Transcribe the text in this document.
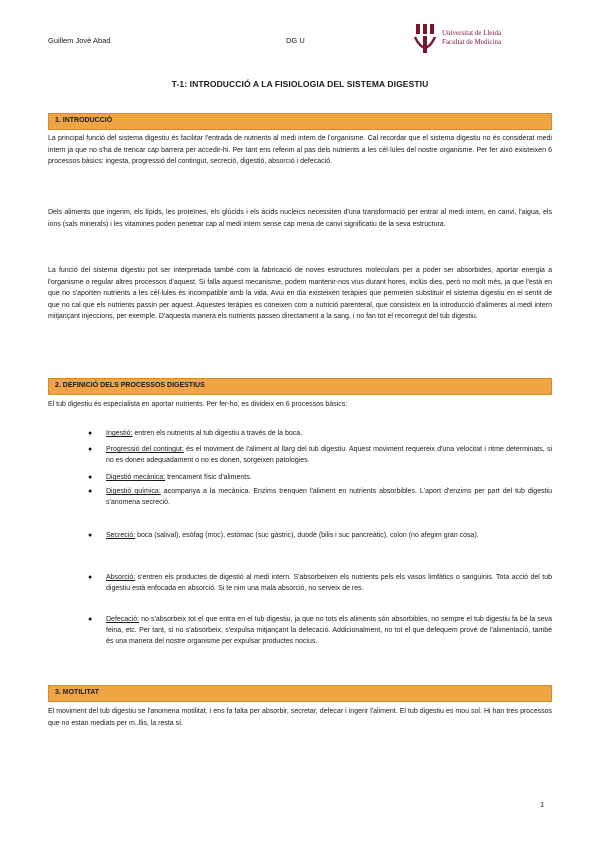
Guillem Jové Abad	DG U
Universitat de Lleida
Facultat de Medicina
T-1: INTRODUCCIÓ A LA FISIOLOGIA DEL SISTEMA DIGESTIU
1. INTRODUCCIÓ

La principal funció del sistema digestiu és facilitar l'entrada de nutrients al medi intern de l'organisme. Cal recordar que el sistema digestiu no és considerat medi intern ja que no s'ha de trencar cap barrera per accedir-hi. Per tant ens referim al pas dels nutrients a les cèl·lules del nostre organisme. Per fer això existeixen 6 processos bàsics: ingesta, progressió del contingut, secreció, digestió, absorció i defecació.

Dels aliments que ingerim, els lípids, les proteïnes, els glúcids i els àcids nucleics necessiten d'una transformació per entrar al medi intern, en canvi, l'aigua, els ions (sals minerals) i les vitamines poden penetrar cap al medi intern sense cap mena de canvi significatiu de la seva estructura.

La funció del sistema digestiu pot ser interpretada també com la fabricació de noves estructures moleculars per a poder ser absorbides, aportar energia a l'organisme o regular altres processos d'aquest. Si falla aquest mecanisme, podem mantenir-nos vius durant hores, inclús dies, però no molt més, ja que l'està en que no s'aporten nutrients a les cèl·lules és incompatible amb la vida. Avui en dia existeixen teràpies que permeten substituir el sistema digestiu en el sentit de que no cal que els nutrients passin per aquest. Aquestes teràpies es coneixen com a nutrició parenteral, que consisteix en la introducció d'aliments al medi intern mitjançant injeccions, per exemple. D'aquesta manera els nutrients passen directament a la sang, i no fan tot el recorregut del tub digestiu.

2. DEFINICIÓ DELS PROCESSOS DIGESTIUS

El tub digestiu és especialista en aportar nutrients. Per fer-ho, es divideix en 6 processos bàsics:

● Ingestió: entren els nutrients al tub digestiu a través de la boca.
● Progressió del contingut: és el moviment de l'aliment al llarg del tub digestiu. Aquest moviment requereix d'una velocitat i ritme determinats, si no es donen adequadament o no es donen, sorgeixen patologies.
● Digestió mecànica: trencament físic d'aliments.
● Digestió química: acompanya a la mecànica. Enzims trenquen l'aliment en nutrients absorbibles. L'aport d'enzims per part del tub digestiu s'anomena secreció.
● Secreció: boca (salival), esòfag (moc), estómac (suc gàstric), duodè (bilis i suc pancreàtic), colon (no afegim gran cosa).
● Absorció: s'entren els productes de digestió al medi intern. S'absorbeixen els nutrients pels els vasos limfàtics o sanguinis. Tota acció del tub digestiu està enfocada en absorció. Si te nim una mala absorció, no serveix de res.
● Defecació: no s'absorbeix tot el que entra en el tub digestiu, ja que no tots els aliments són absorbibles, no sempre el tub digestiu fa bé la seva feina, etc. Per tant, si no s'absorbeix, s'expulsa mitjançant la defecació. Addicionalment, no tot el que defequem prové de l'alimentació, també és una manera del nostre organisme per expulsar productes nocius.
3. MOTILITAT

El moviment del tub digestiu se l'anomena motilitat, i ens fa falta per absorbir, secretar, defecar i ingerir l'aliment. El tub digestiu es mou sol. Hi han tres processos que no estan mediats per m..llis, la resta sí.

1
